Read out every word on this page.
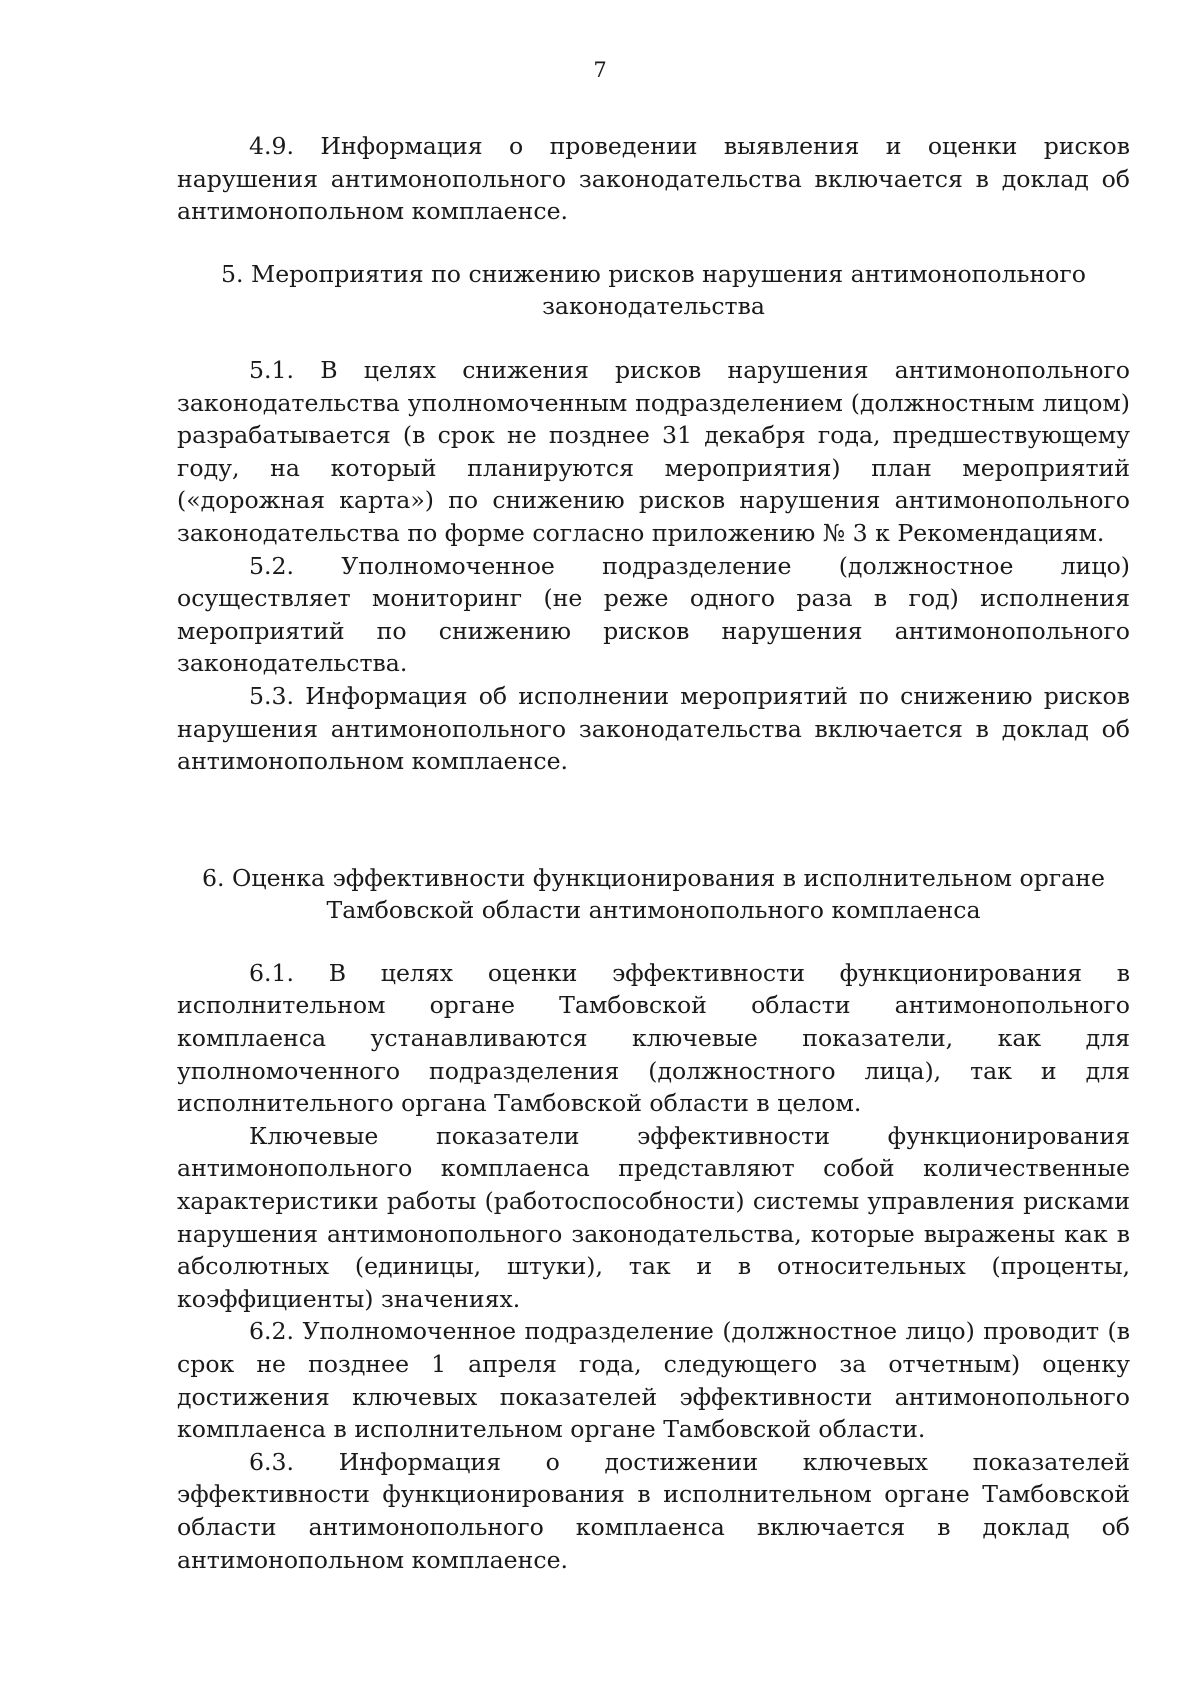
7

4.9. Информация о проведении выявления и оценки рисков нарушения антимонопольного законодательства включается в доклад об антимонопольном комплаенсе.

5. Мероприятия по снижению рисков нарушения антимонопольного законодательства

5.1. В целях снижения рисков нарушения антимонопольного законодательства уполномоченным подразделением (должностным лицом) разрабатывается (в срок не позднее 31 декабря года, предшествующему году, на который планируются мероприятия) план мероприятий («дорожная карта») по снижению рисков нарушения антимонопольного законодательства по форме согласно приложению № 3 к Рекомендациям.

5.2. Уполномоченное подразделение (должностное лицо) осуществляет мониторинг (не реже одного раза в год) исполнения мероприятий по снижению рисков нарушения антимонопольного законодательства.

5.3. Информация об исполнении мероприятий по снижению рисков нарушения антимонопольного законодательства включается в доклад об антимонопольном комплаенсе.

6. Оценка эффективности функционирования в исполнительном органе Тамбовской области антимонопольного комплаенса

6.1. В целях оценки эффективности функционирования в исполнительном органе Тамбовской области антимонопольного комплаенса устанавливаются ключевые показатели, как для уполномоченного подразделения (должностного лица), так и для исполнительного органа Тамбовской области в целом.

Ключевые показатели эффективности функционирования антимонопольного комплаенса представляют собой количественные характеристики работы (работоспособности) системы управления рисками нарушения антимонопольного законодательства, которые выражены как в абсолютных (единицы, штуки), так и в относительных (проценты, коэффициенты) значениях.

6.2. Уполномоченное подразделение (должностное лицо) проводит (в срок не позднее 1 апреля года, следующего за отчетным) оценку достижения ключевых показателей эффективности антимонопольного комплаенса в исполнительном органе Тамбовской области.

6.3. Информация о достижении ключевых показателей эффективности функционирования в исполнительном органе Тамбовской области антимонопольного комплаенса включается в доклад об антимонопольном комплаенсе.
